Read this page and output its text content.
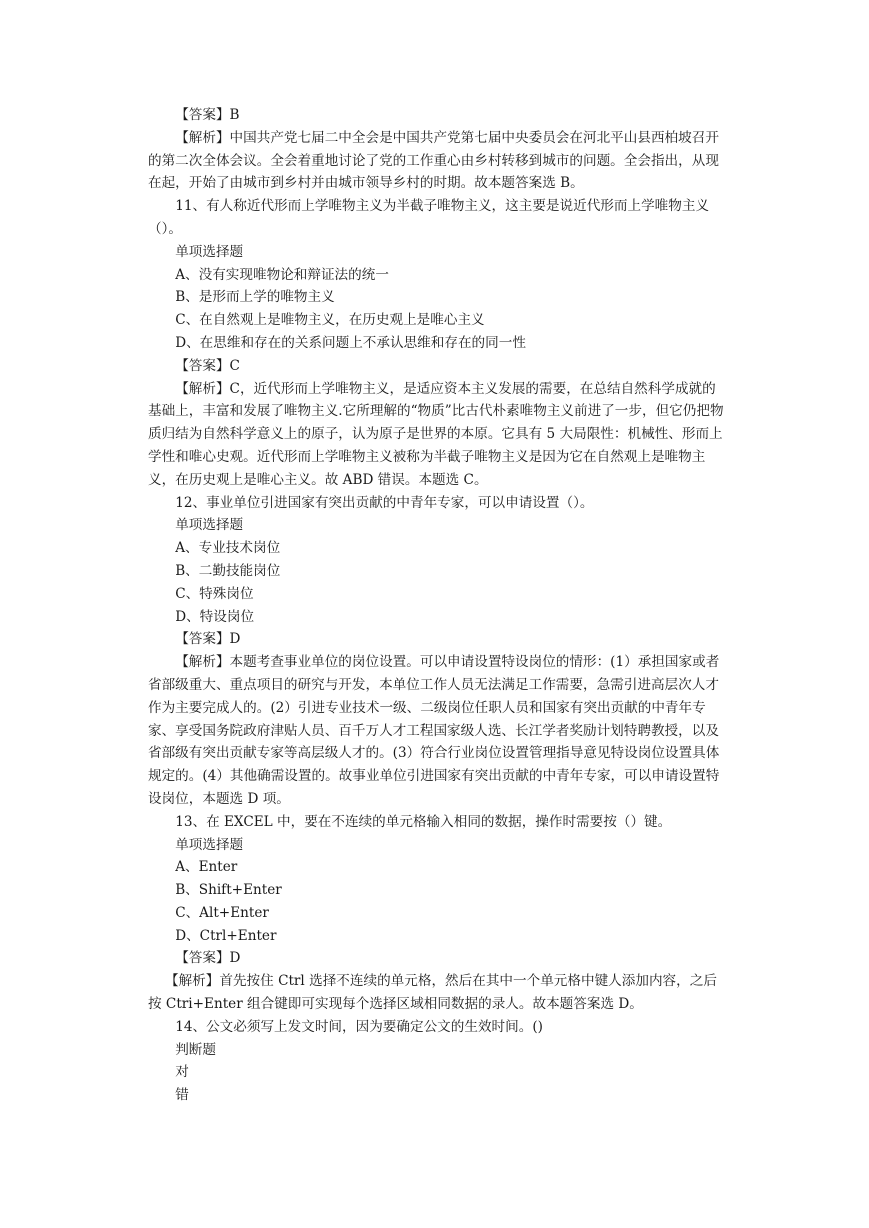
【答案】B

【解析】中国共产党七届二中全会是中国共产党第七届中央委员会在河北平山县西柏坡召开的第二次全体会议。全会着重地讨论了党的工作重心由乡村转移到城市的问题。全会指出，从现在起，开始了由城市到乡村并由城市领导乡村的时期。故本题答案选 B。

11、有人称近代形而上学唯物主义为半截子唯物主义，这主要是说近代形而上学唯物主义（）。

单项选择题

A、没有实现唯物论和辩证法的统一

B、是形而上学的唯物主义

C、在自然观上是唯物主义，在历史观上是唯心主义

D、在思维和存在的关系问题上不承认思维和存在的同一性

【答案】C

【解析】C，近代形而上学唯物主义，是适应资本主义发展的需要，在总结自然科学成就的基础上，丰富和发展了唯物主义.它所理解的“物质”比古代朴素唯物主义前进了一步，但它仍把物质归结为自然科学意义上的原子，认为原子是世界的本原。它具有 5 大局限性：机械性、形而上学性和唯心史观。近代形而上学唯物主义被称为半截子唯物主义是因为它在自然观上是唯物主义，在历史观上是唯心主义。故 ABD 错误。本题选 C。

12、事业单位引进国家有突出贡献的中青年专家，可以申请设置（）。

单项选择题

A、专业技术岗位

B、二勤技能岗位

C、特殊岗位

D、特设岗位

【答案】D

【解析】本题考查事业单位的岗位设置。可以申请设置特设岗位的情形：(1）承担国家或者省部级重大、重点项目的研究与开发，本单位工作人员无法满足工作需要，急需引进高层次人才作为主要完成人的。(2）引进专业技术一级、二级岗位任职人员和国家有突出贡献的中青年专家、享受国务院政府津贴人员、百千万人才工程国家级人选、长江学者奖励计划特聘教授，以及省部级有突出贡献专家等高层级人才的。(3）符合行业岗位设置管理指导意见特设岗位设置具体规定的。(4）其他确需设置的。故事业单位引进国家有突出贡献的中青年专家，可以申请设置特设岗位，本题选 D 项。

13、在 EXCEL 中，要在不连续的单元格输入相同的数据，操作时需要按（）键。

单项选择题

A、Enter

B、Shift+Enter

C、Alt+Enter

D、Ctrl+Enter

【答案】D

【解析】首先按住 Ctrl 选择不连续的单元格，然后在其中一个单元格中键人添加内容，之后按 Ctri+Enter 组合键即可实现每个选择区域相同数据的录人。故本题答案选 D。

14、公文必须写上发文时间，因为要确定公文的生效时间。()

判断题

对

错
